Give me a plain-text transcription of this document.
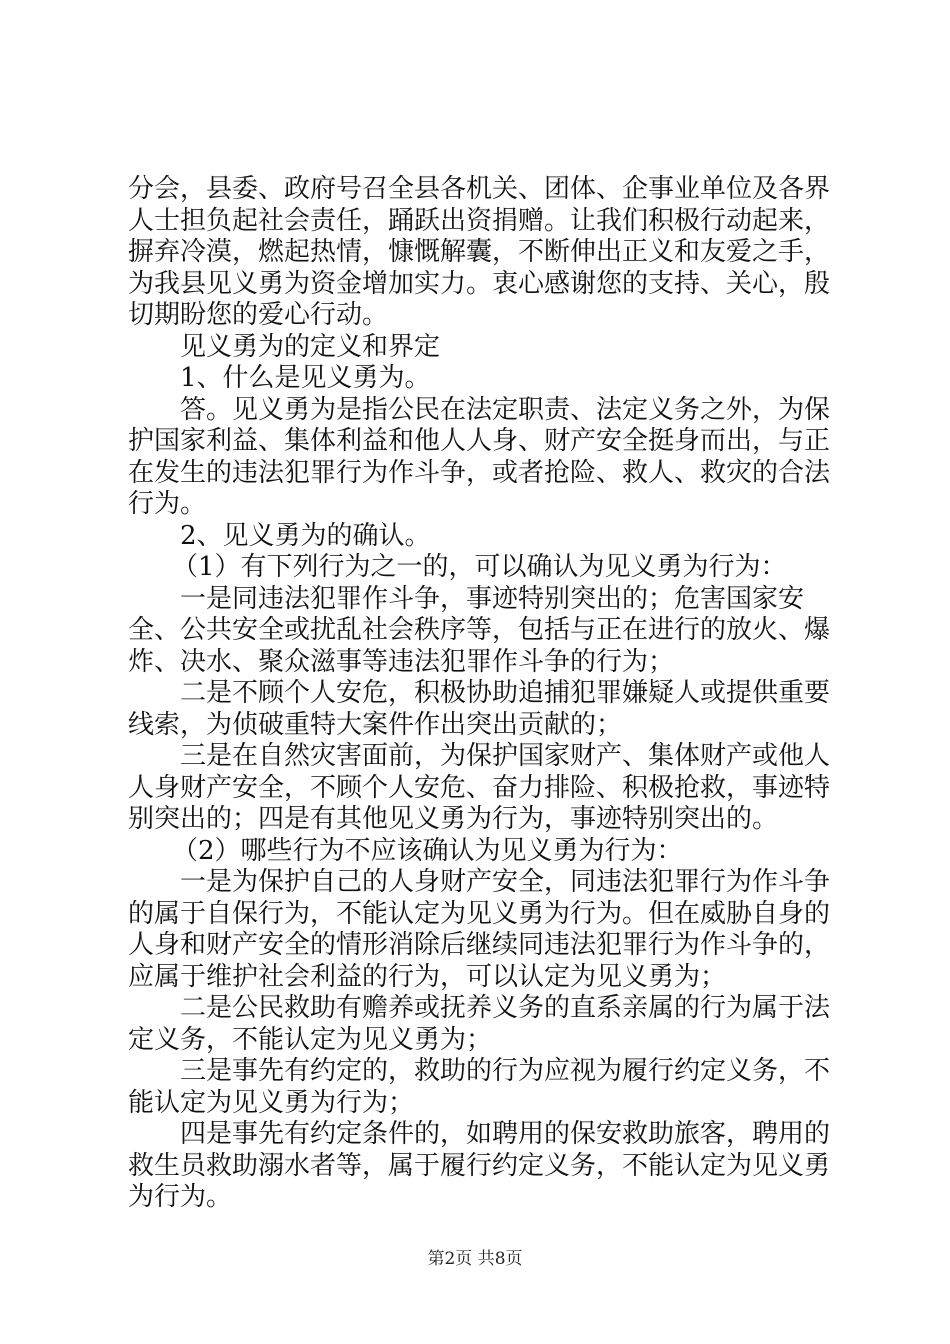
分会，县委、政府号召全县各机关、团体、企事业单位及各界人士担负起社会责任，踊跃出资捐赠。让我们积极行动起来，摒弃冷漠，燃起热情，慷慨解囊，不断伸出正义和友爱之手，为我县见义勇为资金增加实力。衷心感谢您的支持、关心，殷切期盼您的爱心行动。

见义勇为的定义和界定

1、什么是见义勇为。

答。见义勇为是指公民在法定职责、法定义务之外，为保护国家利益、集体利益和他人人身、财产安全挺身而出，与正在发生的违法犯罪行为作斗争，或者抢险、救人、救灾的合法行为。

2、见义勇为的确认。

（1）有下列行为之一的，可以确认为见义勇为行为：

一是同违法犯罪作斗争，事迹特别突出的；危害国家安全、公共安全或扰乱社会秩序等，包括与正在进行的放火、爆炸、决水、聚众滋事等违法犯罪作斗争的行为；

二是不顾个人安危，积极协助追捕犯罪嫌疑人或提供重要线索，为侦破重特大案件作出突出贡献的；

三是在自然灾害面前，为保护国家财产、集体财产或他人人身财产安全，不顾个人安危、奋力排险、积极抢救，事迹特别突出的；四是有其他见义勇为行为，事迹特别突出的。

（2）哪些行为不应该确认为见义勇为行为：

一是为保护自己的人身财产安全，同违法犯罪行为作斗争的属于自保行为，不能认定为见义勇为行为。但在威胁自身的人身和财产安全的情形消除后继续同违法犯罪行为作斗争的，应属于维护社会利益的行为，可以认定为见义勇为；

二是公民救助有赡养或抚养义务的直系亲属的行为属于法定义务，不能认定为见义勇为；

三是事先有约定的，救助的行为应视为履行约定义务，不能认定为见义勇为行为；

四是事先有约定条件的，如聘用的保安救助旅客，聘用的救生员救助溺水者等，属于履行约定义务，不能认定为见义勇为行为。

第2页 共8页
